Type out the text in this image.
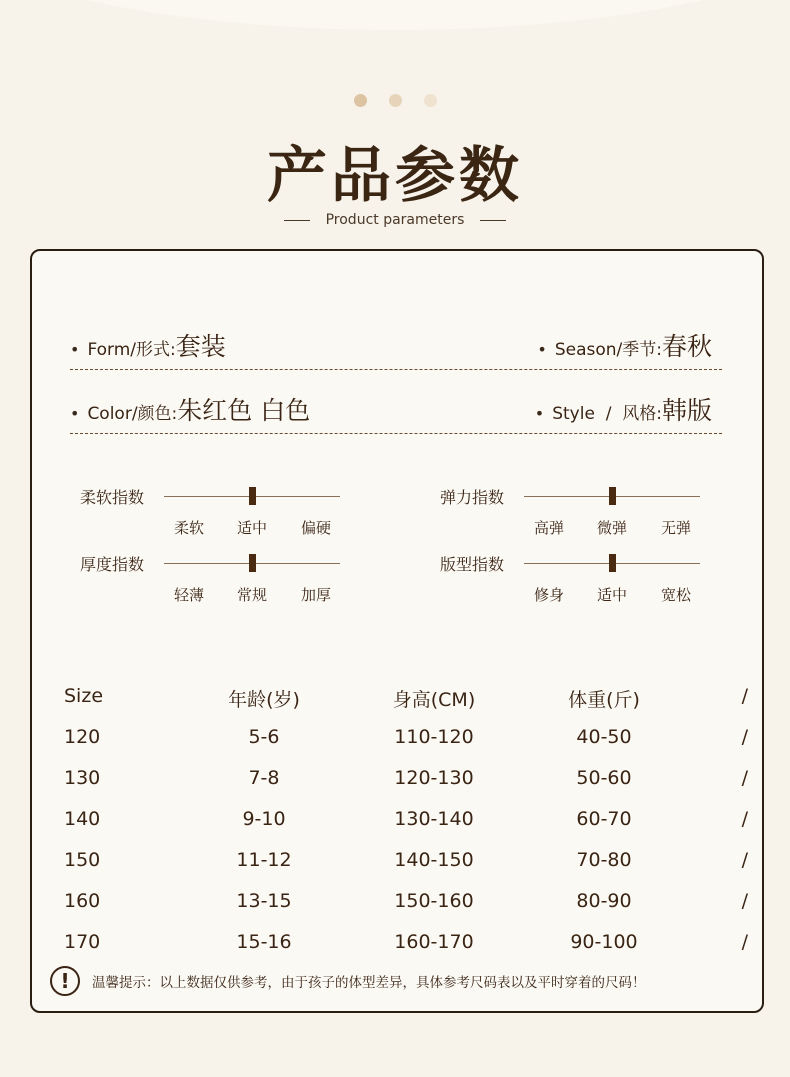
产品参数
Product parameters
• Form/形式: 套装	• Season/季节: 春秋
• Color/颜色: 朱红色 白色	• Style  /  风格: 韩版
柔软指数
柔软	适中	偏硬
弹力指数
高弹	微弹	无弹
厚度指数
轻薄	常规	加厚
版型指数
修身	适中	宽松
Size	年龄(岁)	身高(CM)	体重(斤)	/
120	5-6	110-120	40-50	/
130	7-8	120-130	50-60	/
140	9-10	130-140	60-70	/
150	11-12	140-150	70-80	/
160	13-15	150-160	80-90	/
170	15-16	160-170	90-100	/
!	温馨提示：以上数据仅供参考，由于孩子的体型差异，具体参考尺码表以及平时穿着的尺码！
